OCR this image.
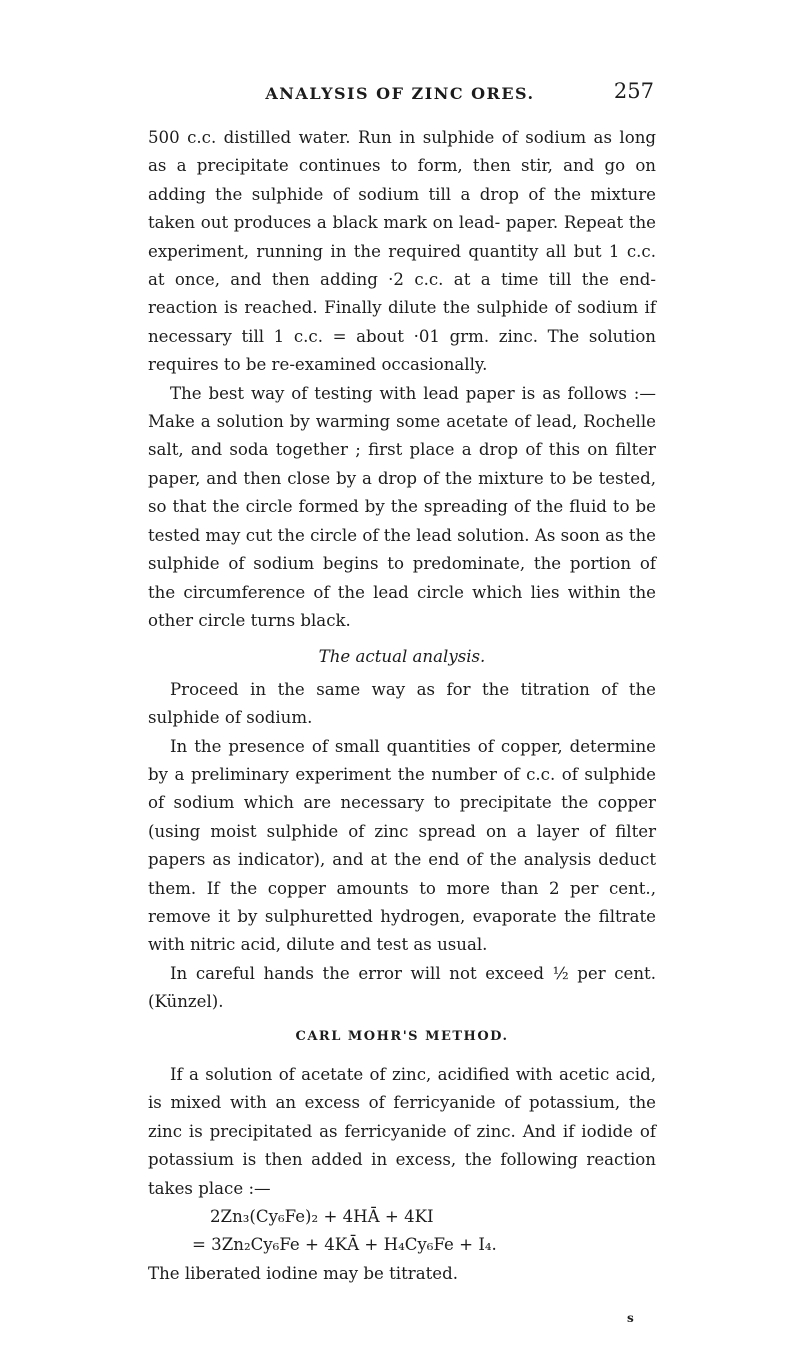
ANALYSIS OF ZINC ORES.	257

500 c.c. distilled water. Run in sulphide of sodium as long as a precipitate continues to form, then stir, and go on adding the sulphide of sodium till a drop of the mixture taken out produces a black mark on lead- paper. Repeat the experiment, running in the required quantity all but 1 c.c. at once, and then adding ·2 c.c. at a time till the end-reaction is reached. Finally dilute the sulphide of sodium if necessary till 1 c.c. = about ·01 grm. zinc. The solution requires to be re-examined occasionally.

The best way of testing with lead paper is as follows :— Make a solution by warming some acetate of lead, Rochelle salt, and soda together ; first place a drop of this on filter paper, and then close by a drop of the mixture to be tested, so that the circle formed by the spreading of the fluid to be tested may cut the circle of the lead solution. As soon as the sulphide of sodium begins to predominate, the portion of the circumference of the lead circle which lies within the other circle turns black.

The actual analysis.

Proceed in the same way as for the titration of the sulphide of sodium.

In the presence of small quantities of copper, determine by a preliminary experiment the number of c.c. of sulphide of sodium which are necessary to precipitate the copper (using moist sulphide of zinc spread on a layer of filter papers as indicator), and at the end of the analysis deduct them. If the copper amounts to more than 2 per cent., remove it by sulphuretted hydrogen, evaporate the filtrate with nitric acid, dilute and test as usual.

In careful hands the error will not exceed ½ per cent. (Künzel).

CARL MOHR'S METHOD.

If a solution of acetate of zinc, acidified with acetic acid, is mixed with an excess of ferricyanide of potassium, the zinc is precipitated as ferricyanide of zinc. And if iodide of potassium is then added in excess, the following reaction takes place :—

2Zn₃(Cy₆Fe)₂ + 4HĀ + 4KI

= 3Zn₂Cy₆Fe + 4KĀ + H₄Cy₆Fe + I₄.

The liberated iodine may be titrated.

s
